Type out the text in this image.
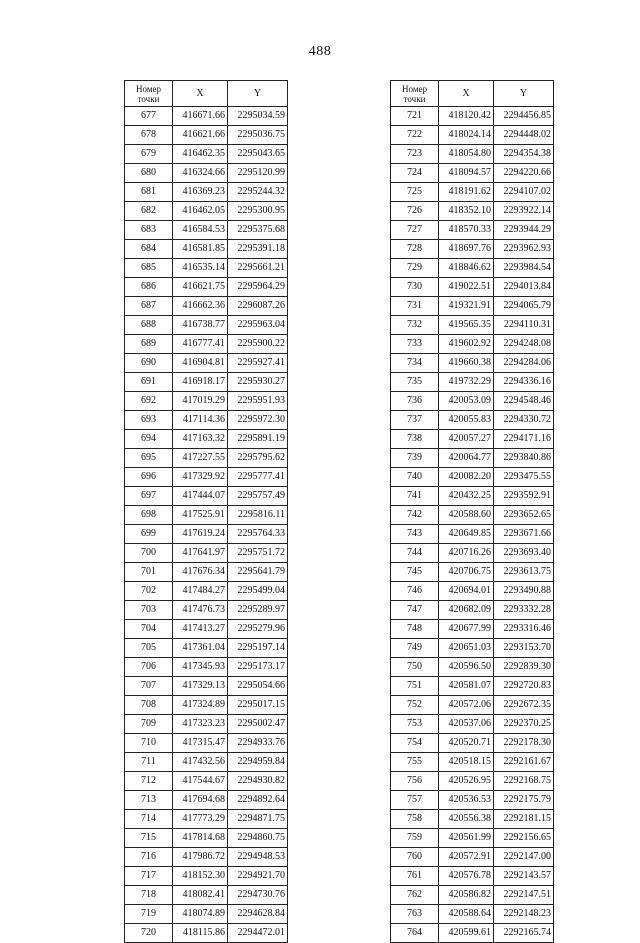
488
Номер
точки	X	Y
677	416671.66	2295034.59
678	416621.66	2295036.75
679	416462.35	2295043.65
680	416324.66	2295120.99
681	416369.23	2295244.32
682	416462.05	2295300.95
683	416584.53	2295375.68
684	416581.85	2295391.18
685	416535.14	2295661.21
686	416621.75	2295964.29
687	416662.36	2296087.26
688	416738.77	2295963.04
689	416777.41	2295900.22
690	416904.81	2295927.41
691	416918.17	2295930.27
692	417019.29	2295951.93
693	417114.36	2295972.30
694	417163.32	2295891.19
695	417227.55	2295795.62
696	417329.92	2295777.41
697	417444.07	2295757.49
698	417525.91	2295816.11
699	417619.24	2295764.33
700	417641.97	2295751.72
701	417676.34	2295641.79
702	417484.27	2295499.04
703	417476.73	2295289.97
704	417413.27	2295279.96
705	417361.04	2295197.14
706	417345.93	2295173.17
707	417329.13	2295054.66
708	417324.89	2295017.15
709	417323.23	2295002.47
710	417315.47	2294933.76
711	417432.56	2294959.84
712	417544.67	2294930.82
713	417694.68	2294892.64
714	417773.29	2294871.75
715	417814.68	2294860.75
716	417986.72	2294948.53
717	418152.30	2294921.70
718	418082.41	2294730.76
719	418074.89	2294628.84
720	418115.86	2294472.01
Номер
точки	X	Y
721	418120.42	2294456.85
722	418024.14	2294448.02
723	418054.80	2294354.38
724	418094.57	2294220.66
725	418191.62	2294107.02
726	418352.10	2293922.14
727	418570.33	2293944.29
728	418697.76	2293962.93
729	418846.62	2293984.54
730	419022.51	2294013.84
731	419321.91	2294065.79
732	419565.35	2294110.31
733	419602.92	2294248.08
734	419660.38	2294284.06
735	419732.29	2294336.16
736	420053.09	2294548.46
737	420055.83	2294330.72
738	420057.27	2294171.16
739	420064.77	2293840.86
740	420082.20	2293475.55
741	420432.25	2293592.91
742	420588.60	2293652.65
743	420649.85	2293671.66
744	420716.26	2293693.40
745	420706.75	2293613.75
746	420694.01	2293490.88
747	420682.09	2293332.28
748	420677.99	2293316.46
749	420651.03	2293153.70
750	420596.50	2292839.30
751	420581.07	2292720.83
752	420572.06	2292672.35
753	420537.06	2292370.25
754	420520.71	2292178.30
755	420518.15	2292161.67
756	420526.95	2292168.75
757	420536.53	2292175.79
758	420556.38	2292181.15
759	420561.99	2292156.65
760	420572.91	2292147.00
761	420576.78	2292143.57
762	420586.82	2292147.51
763	420588.64	2292148.23
764	420599.61	2292165.74
